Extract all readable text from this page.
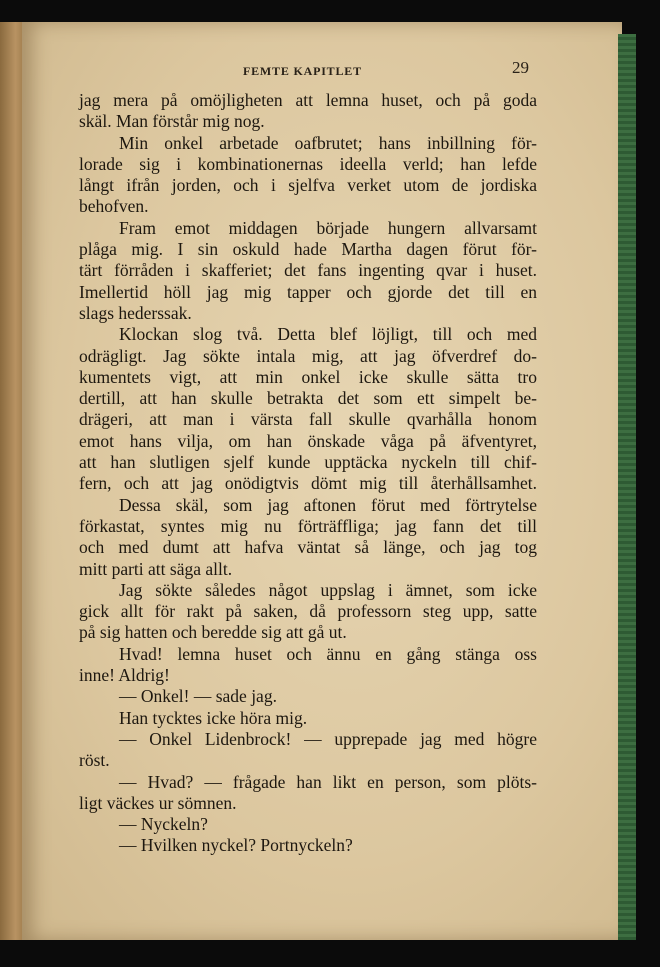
FEMTE KAPITLET	29
jag mera på omöjligheten att lemna huset, och på goda
skäl. Man förstår mig nog.
Min onkel arbetade oafbrutet; hans inbillning för-
lorade sig i kombinationernas ideella verld; han lefde
långt ifrån jorden, och i sjelfva verket utom de jordiska
behofven.
Fram emot middagen började hungern allvarsamt
plåga mig. I sin oskuld hade Martha dagen förut för-
tärt förråden i skafferiet; det fans ingenting qvar i huset.
Imellertid höll jag mig tapper och gjorde det till en
slags hederssak.
Klockan slog två. Detta blef löjligt, till och med
odrägligt. Jag sökte intala mig, att jag öfverdref do-
kumentets vigt, att min onkel icke skulle sätta tro
dertill, att han skulle betrakta det som ett simpelt be-
drägeri, att man i värsta fall skulle qvarhålla honom
emot hans vilja, om han önskade våga på äfventyret,
att han slutligen sjelf kunde upptäcka nyckeln till chif-
fern, och att jag onödigtvis dömt mig till återhållsamhet.
Dessa skäl, som jag aftonen förut med förtrytelse
förkastat, syntes mig nu förträffliga; jag fann det till
och med dumt att hafva väntat så länge, och jag tog
mitt parti att säga allt.
Jag sökte således något uppslag i ämnet, som icke
gick allt för rakt på saken, då professorn steg upp, satte
på sig hatten och beredde sig att gå ut.
Hvad! lemna huset och ännu en gång stänga oss
inne! Aldrig!
— Onkel! — sade jag.
Han tycktes icke höra mig.
— Onkel Lidenbrock! — upprepade jag med högre
röst.
— Hvad? — frågade han likt en person, som plöts-
ligt väckes ur sömnen.
— Nyckeln?
— Hvilken nyckel? Portnyckeln?
